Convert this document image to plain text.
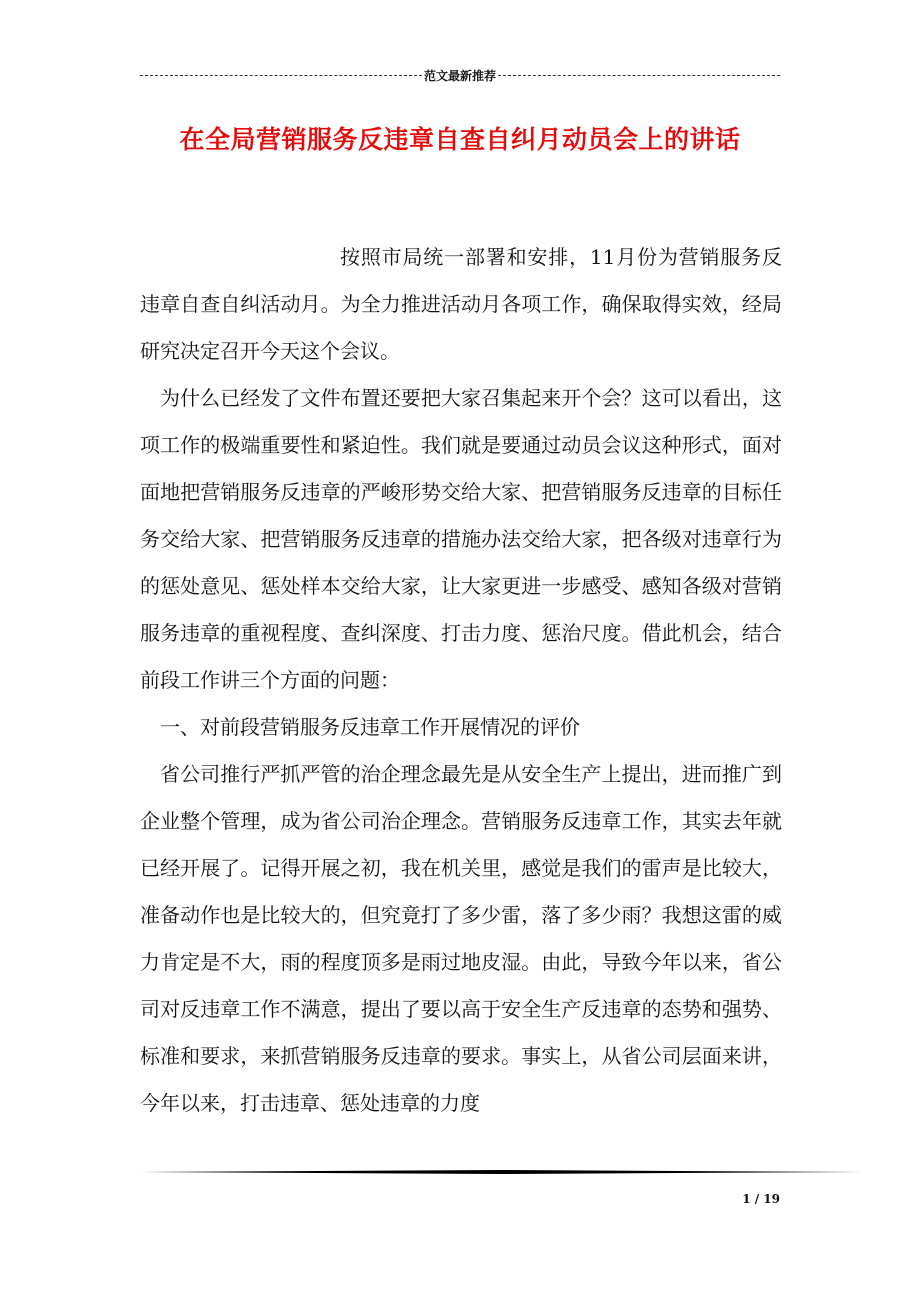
范文最新推荐
在全局营销服务反违章自查自纠月动员会上的讲话

按照市局统一部署和安排，11月份为营销服务反违章自查自纠活动月。为全力推进活动月各项工作，确保取得实效，经局研究决定召开今天这个会议。

为什么已经发了文件布置还要把大家召集起来开个会？这可以看出，这项工作的极端重要性和紧迫性。我们就是要通过动员会议这种形式，面对面地把营销服务反违章的严峻形势交给大家、把营销服务反违章的目标任务交给大家、把营销服务反违章的措施办法交给大家，把各级对违章行为的惩处意见、惩处样本交给大家，让大家更进一步感受、感知各级对营销服务违章的重视程度、查纠深度、打击力度、惩治尺度。借此机会，结合前段工作讲三个方面的问题：

一、对前段营销服务反违章工作开展情况的评价

省公司推行严抓严管的治企理念最先是从安全生产上提出，进而推广到企业整个管理，成为省公司治企理念。营销服务反违章工作，其实去年就已经开展了。记得开展之初，我在机关里，感觉是我们的雷声是比较大，准备动作也是比较大的，但究竟打了多少雷，落了多少雨？我想这雷的威力肯定是不大，雨的程度顶多是雨过地皮湿。由此，导致今年以来，省公司对反违章工作不满意，提出了要以高于安全生产反违章的态势和强势、标准和要求，来抓营销服务反违章的要求。事实上，从省公司层面来讲，今年以来，打击违章、惩处违章的力度

1 / 19
